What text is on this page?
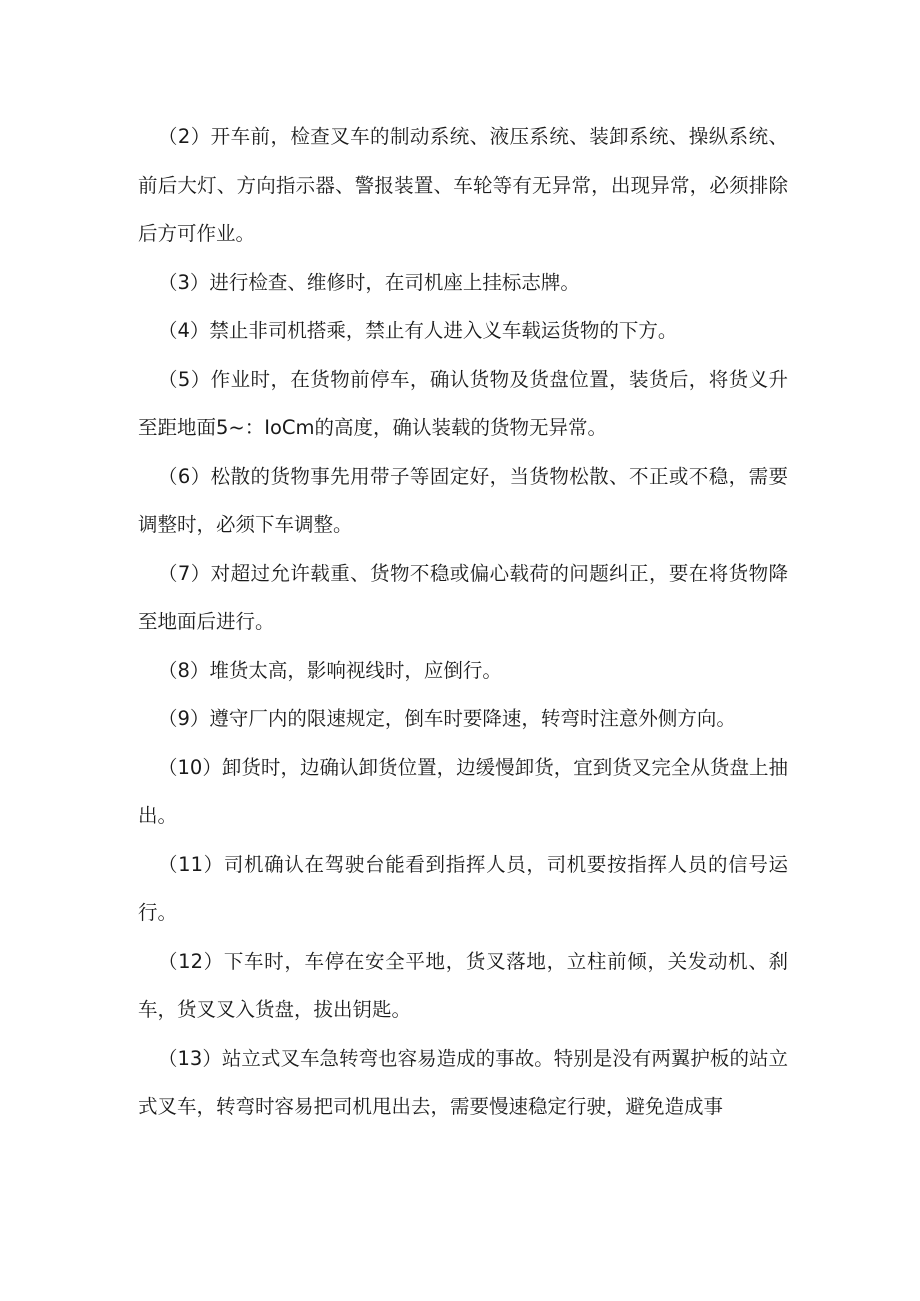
（2）开车前，检查叉车的制动系统、液压系统、装卸系统、操纵系统、前后大灯、方向指示器、警报装置、车轮等有无异常，出现异常，必须排除后方可作业。

（3）进行检查、维修时，在司机座上挂标志牌。

（4）禁止非司机搭乘，禁止有人进入义车载运货物的下方。

（5）作业时，在货物前停车，确认货物及货盘位置，装货后，将货义升至距地面5~：IoCm的高度，确认装载的货物无异常。

（6）松散的货物事先用带子等固定好，当货物松散、不正或不稳，需要调整时，必须下车调整。

（7）对超过允许载重、货物不稳或偏心载荷的问题纠正，要在将货物降至地面后进行。

（8）堆货太高，影响视线时，应倒行。

（9）遵守厂内的限速规定，倒车时要降速，转弯时注意外侧方向。

（10）卸货时，边确认卸货位置，边缓慢卸货，宜到货叉完全从货盘上抽出。

（11）司机确认在驾驶台能看到指挥人员，司机要按指挥人员的信号运行。

（12）下车时，车停在安全平地，货叉落地，立柱前倾，关发动机、刹车，货叉叉入货盘，拔出钥匙。

（13）站立式叉车急转弯也容易造成的事故。特别是没有两翼护板的站立式叉车，转弯时容易把司机甩出去，需要慢速稳定行驶，避免造成事
